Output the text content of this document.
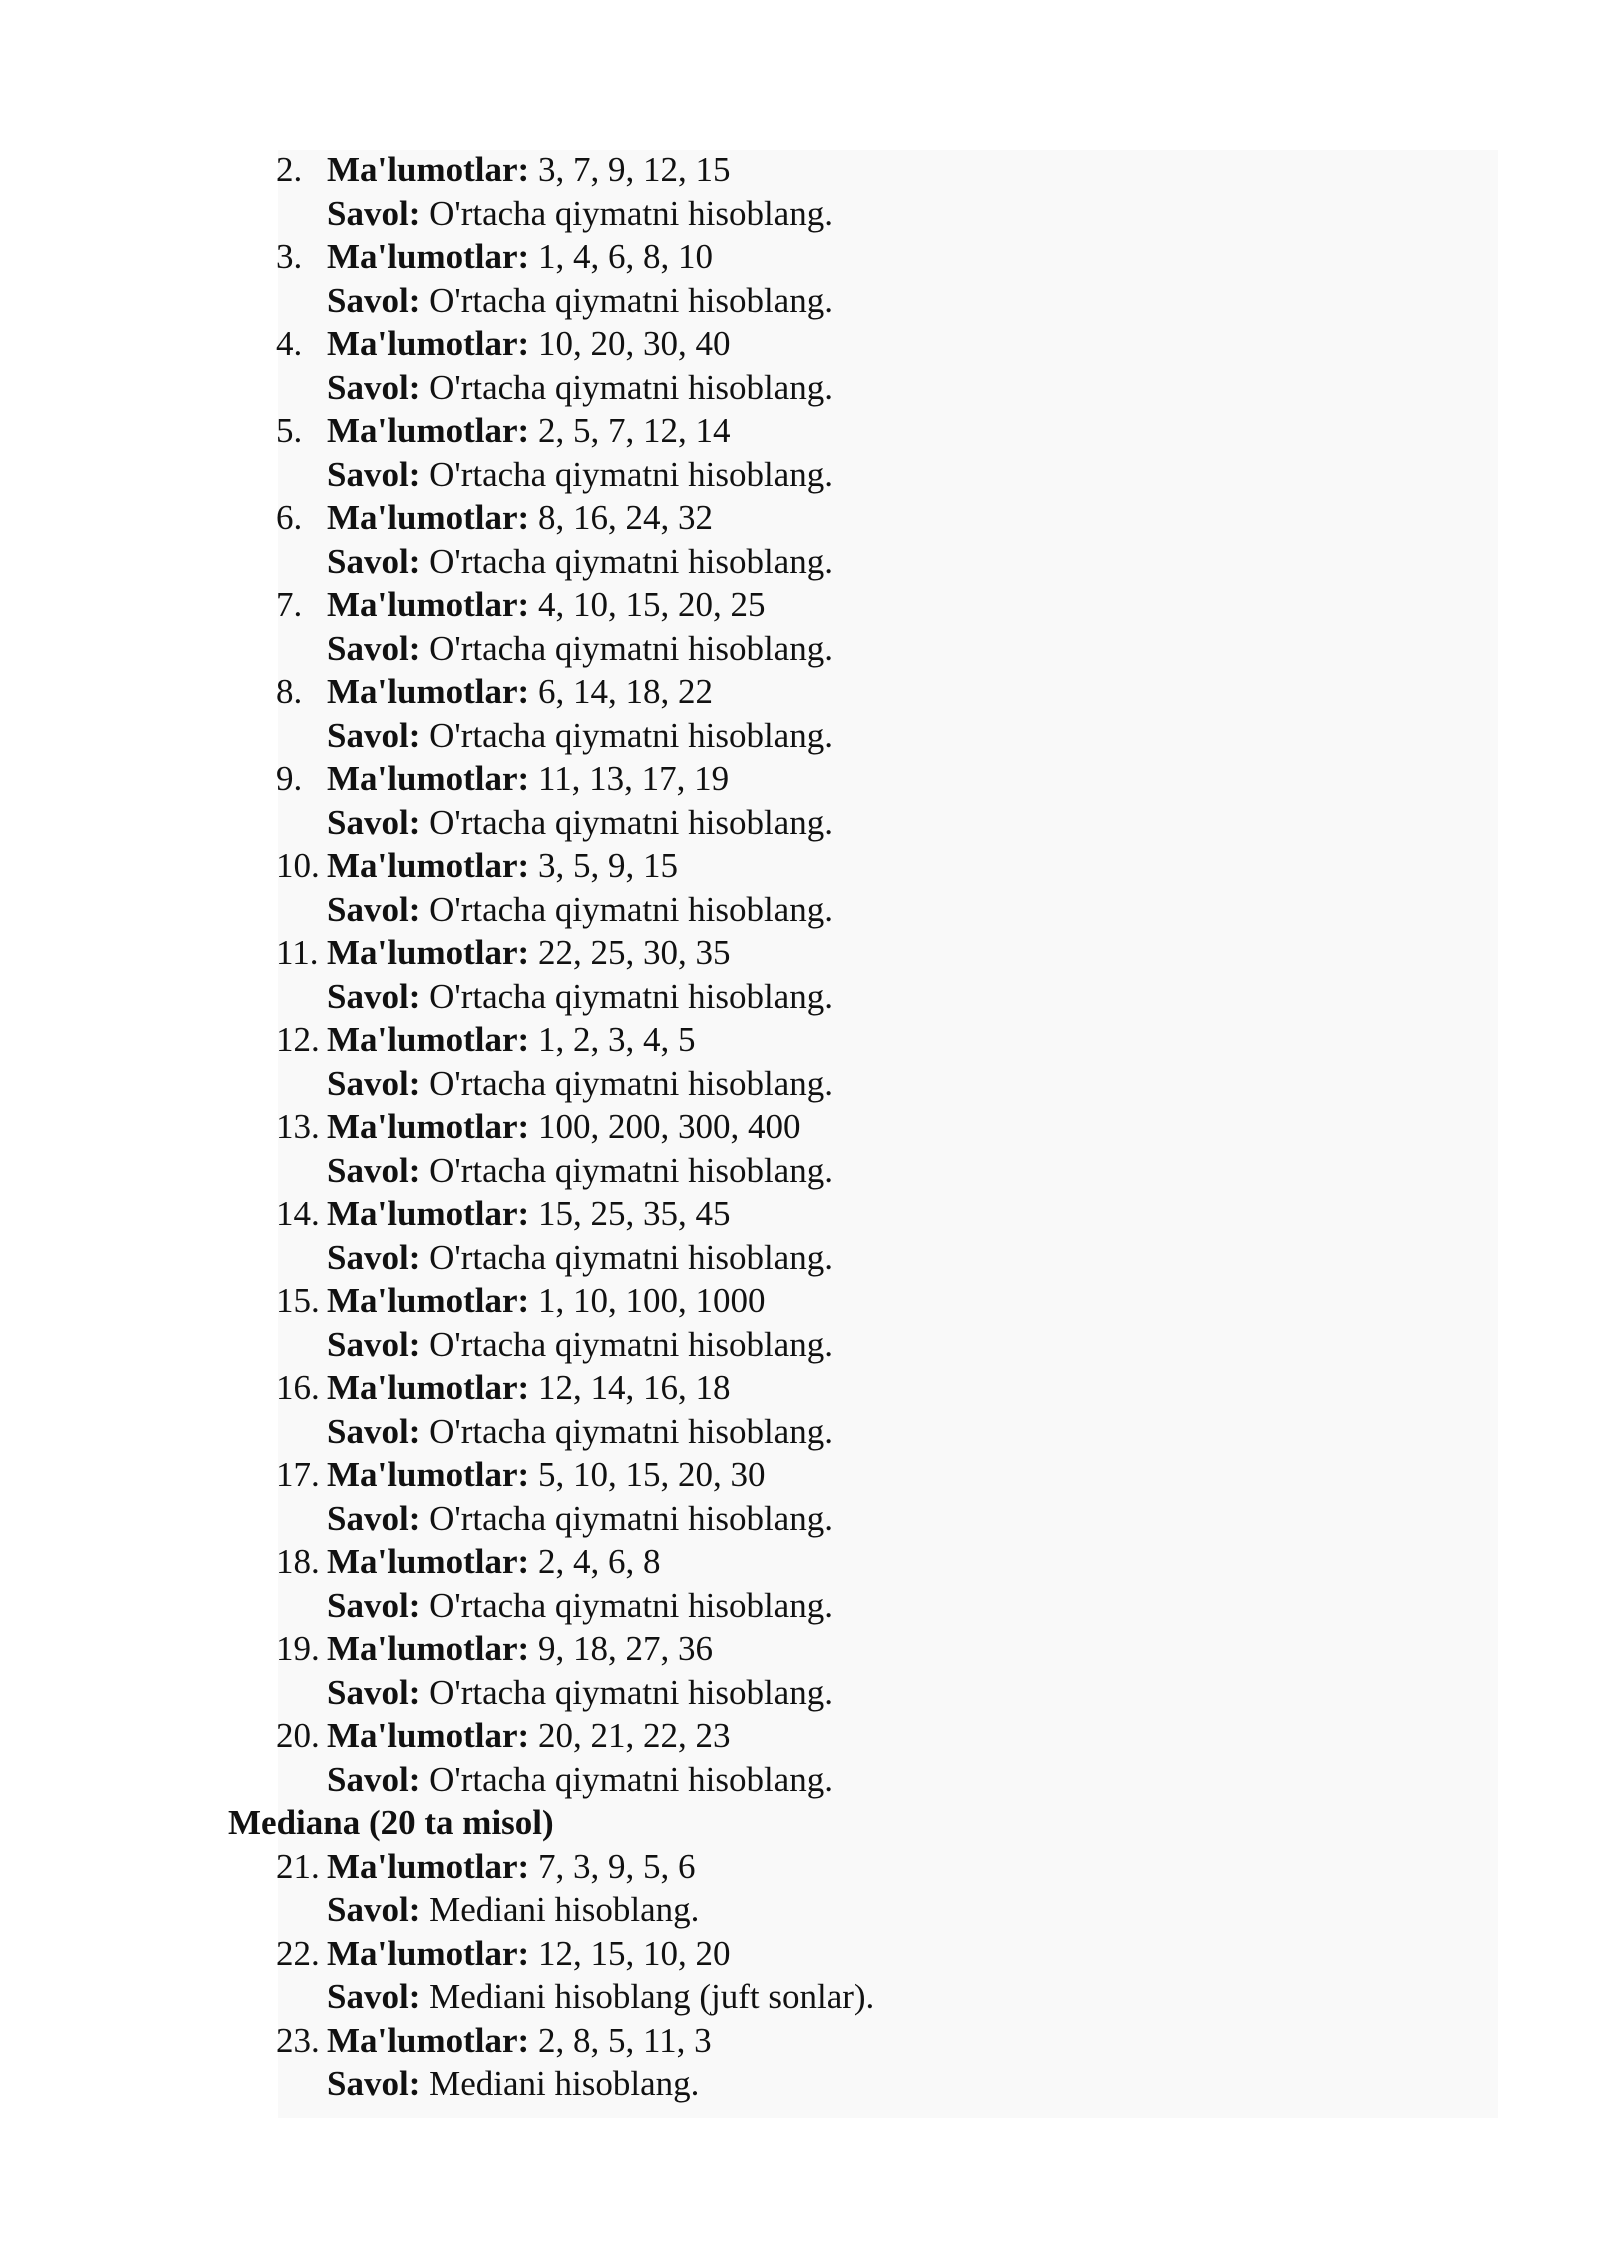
2. Ma'lumotlar: 3, 7, 9, 12, 15
Savol: O'rtacha qiymatni hisoblang.
3. Ma'lumotlar: 1, 4, 6, 8, 10
Savol: O'rtacha qiymatni hisoblang.
4. Ma'lumotlar: 10, 20, 30, 40
Savol: O'rtacha qiymatni hisoblang.
5. Ma'lumotlar: 2, 5, 7, 12, 14
Savol: O'rtacha qiymatni hisoblang.
6. Ma'lumotlar: 8, 16, 24, 32
Savol: O'rtacha qiymatni hisoblang.
7. Ma'lumotlar: 4, 10, 15, 20, 25
Savol: O'rtacha qiymatni hisoblang.
8. Ma'lumotlar: 6, 14, 18, 22
Savol: O'rtacha qiymatni hisoblang.
9. Ma'lumotlar: 11, 13, 17, 19
Savol: O'rtacha qiymatni hisoblang.
10. Ma'lumotlar: 3, 5, 9, 15
Savol: O'rtacha qiymatni hisoblang.
11. Ma'lumotlar: 22, 25, 30, 35
Savol: O'rtacha qiymatni hisoblang.
12. Ma'lumotlar: 1, 2, 3, 4, 5
Savol: O'rtacha qiymatni hisoblang.
13. Ma'lumotlar: 100, 200, 300, 400
Savol: O'rtacha qiymatni hisoblang.
14. Ma'lumotlar: 15, 25, 35, 45
Savol: O'rtacha qiymatni hisoblang.
15. Ma'lumotlar: 1, 10, 100, 1000
Savol: O'rtacha qiymatni hisoblang.
16. Ma'lumotlar: 12, 14, 16, 18
Savol: O'rtacha qiymatni hisoblang.
17. Ma'lumotlar: 5, 10, 15, 20, 30
Savol: O'rtacha qiymatni hisoblang.
18. Ma'lumotlar: 2, 4, 6, 8
Savol: O'rtacha qiymatni hisoblang.
19. Ma'lumotlar: 9, 18, 27, 36
Savol: O'rtacha qiymatni hisoblang.
20. Ma'lumotlar: 20, 21, 22, 23
Savol: O'rtacha qiymatni hisoblang.
Mediana (20 ta misol)
21. Ma'lumotlar: 7, 3, 9, 5, 6
Savol: Mediani hisoblang.
22. Ma'lumotlar: 12, 15, 10, 20
Savol: Mediani hisoblang (juft sonlar).
23. Ma'lumotlar: 2, 8, 5, 11, 3
Savol: Mediani hisoblang.
